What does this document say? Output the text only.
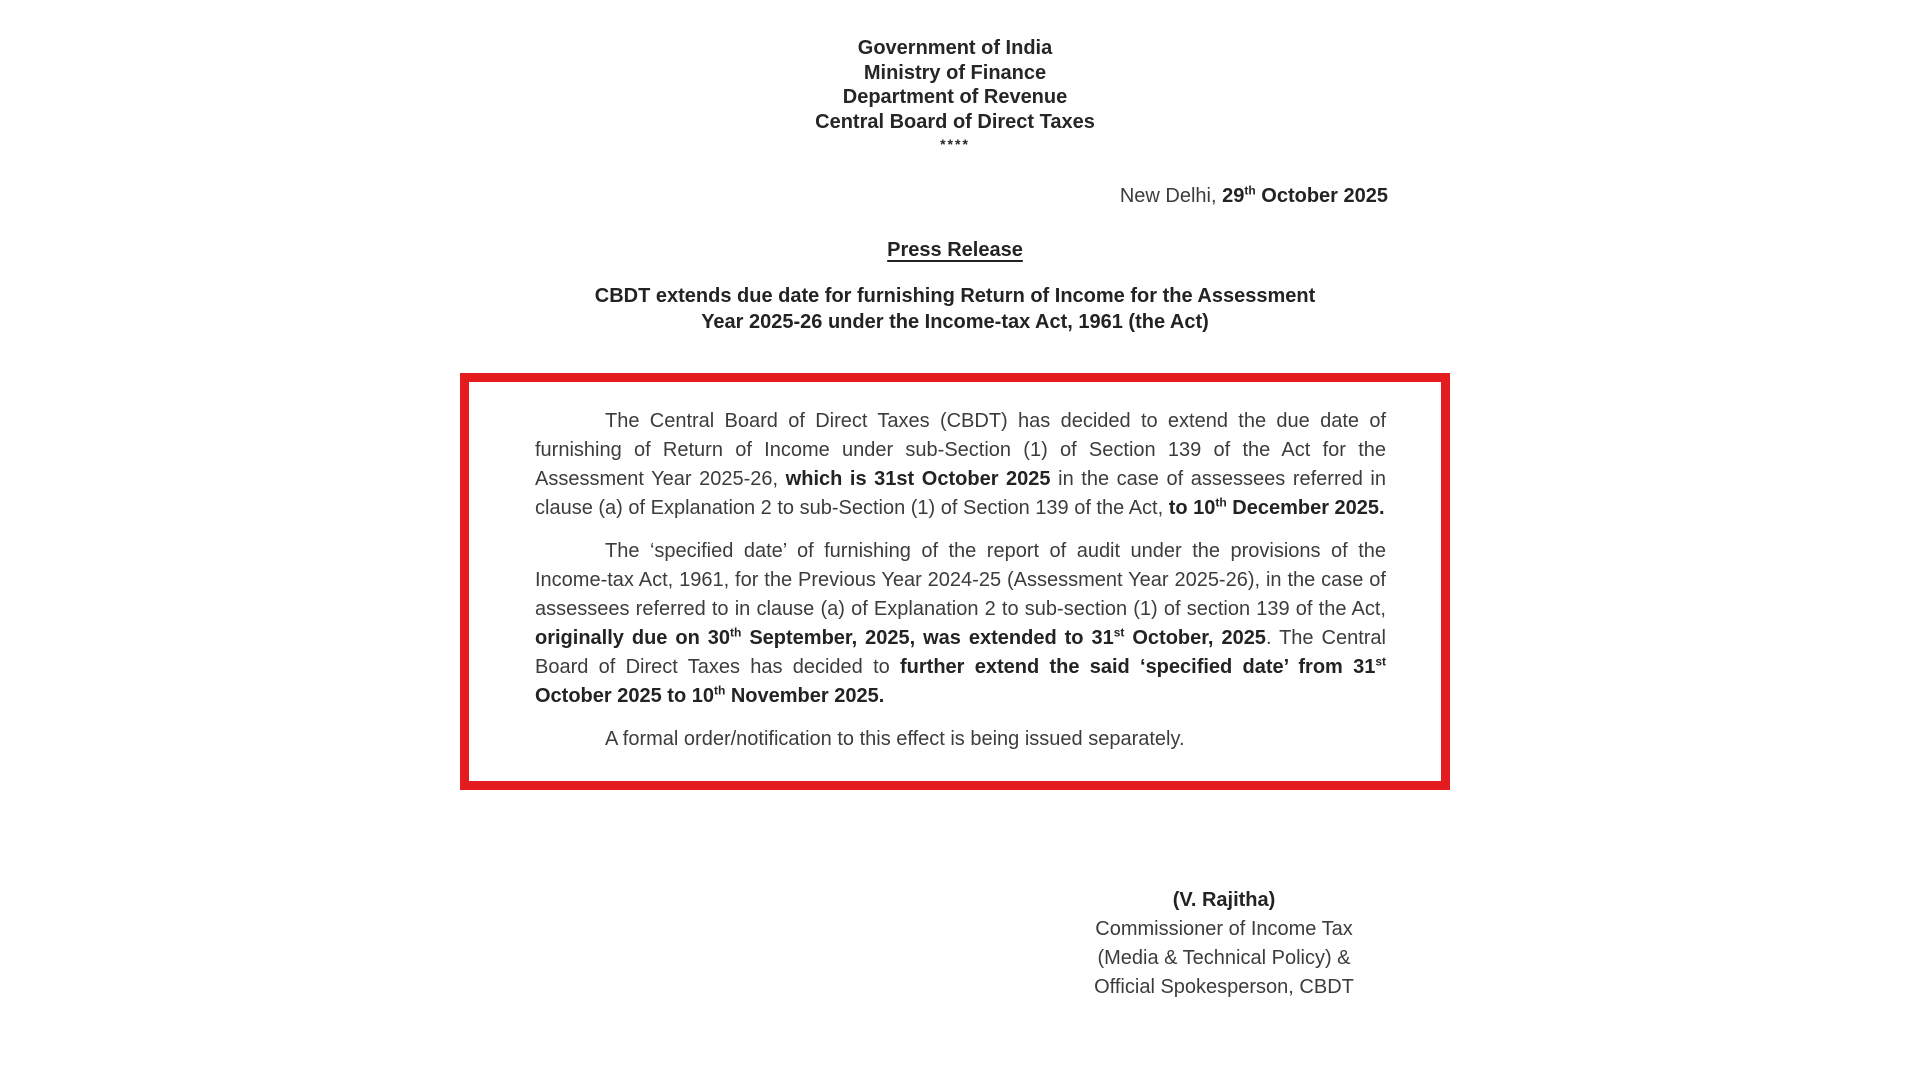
Government of India
Ministry of Finance
Department of Revenue
Central Board of Direct Taxes
****
New Delhi, 29th October 2025
Press Release
CBDT extends due date for furnishing Return of Income for the Assessment
Year 2025-26 under the Income-tax Act, 1961 (the Act)

The Central Board of Direct Taxes (CBDT) has decided to extend the due date of furnishing of Return of Income under sub-Section (1) of Section 139 of the Act for the Assessment Year 2025-26, which is 31st October 2025 in the case of assessees referred in clause (a) of Explanation 2 to sub-Section (1) of Section 139 of the Act, to 10th December 2025.

The ‘specified date’ of furnishing of the report of audit under the provisions of the Income-tax Act, 1961, for the Previous Year 2024-25 (Assessment Year 2025-26), in the case of assessees referred to in clause (a) of Explanation 2 to sub-section (1) of section 139 of the Act, originally due on 30th September, 2025, was extended to 31st October, 2025. The Central Board of Direct Taxes has decided to further extend the said ‘specified date’ from 31st October 2025 to 10th November 2025.

A formal order/notification to this effect is being issued separately.

(V. Rajitha)
Commissioner of Income Tax
(Media & Technical Policy) &
Official Spokesperson, CBDT
